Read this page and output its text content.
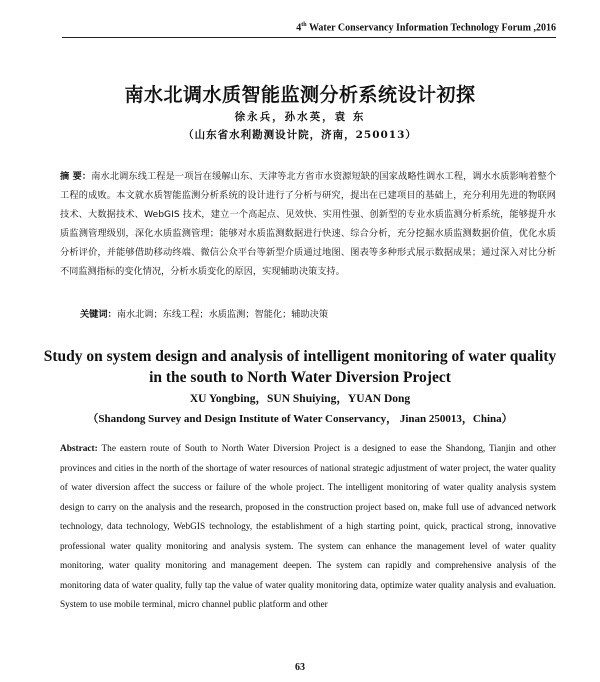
4th Water Conservancy Information Technology Forum ,2016
南水北调水质智能监测分析系统设计初探
徐永兵，孙水英，袁 东
（山东省水利勘测设计院，济南，250013）
摘 要：南水北调东线工程是一项旨在缓解山东、天津等北方省市水资源短缺的国家战略性调水工程，调水水质影响着整个工程的成败。本文就水质智能监测分析系统的设计进行了分析与研究，提出在已建项目的基础上，充分利用先进的物联网技术、大数据技术、WebGIS 技术，建立一个高起点、见效快、实用性强、创新型的专业水质监测分析系统，能够提升水质监测管理级别，深化水质监测管理；能够对水质监测数据进行快速、综合分析，充分挖掘水质监测数据价值，优化水质分析评价，并能够借助移动终端、微信公众平台等新型介质通过地图、图表等多种形式展示数据成果；通过深入对比分析不同监测指标的变化情况，分析水质变化的原因，实现辅助决策支持。
关键词：南水北调；东线工程；水质监测；智能化；辅助决策
Study on system design and analysis of intelligent monitoring of water quality in the south to North Water Diversion Project
XU Yongbing，SUN Shuiying，YUAN Dong
（Shandong Survey and Design Institute of Water Conservancy， Jinan 250013，China）
Abstract: The eastern route of South to North Water Diversion Project is a designed to ease the Shandong, Tianjin and other provinces and cities in the north of the shortage of water resources of national strategic adjustment of water project, the water quality of water diversion affect the success or failure of the whole project. The intelligent monitoring of water quality analysis system design to carry on the analysis and the research, proposed in the construction project based on, make full use of advanced network technology, data technology, WebGIS technology, the establishment of a high starting point, quick, practical strong, innovative professional water quality monitoring and analysis system. The system can enhance the management level of water quality monitoring, water quality monitoring and management deepen. The system can rapidly and comprehensive analysis of the monitoring data of water quality, fully tap the value of water quality monitoring data, optimize water quality analysis and evaluation. System to use mobile terminal, micro channel public platform and other
63
